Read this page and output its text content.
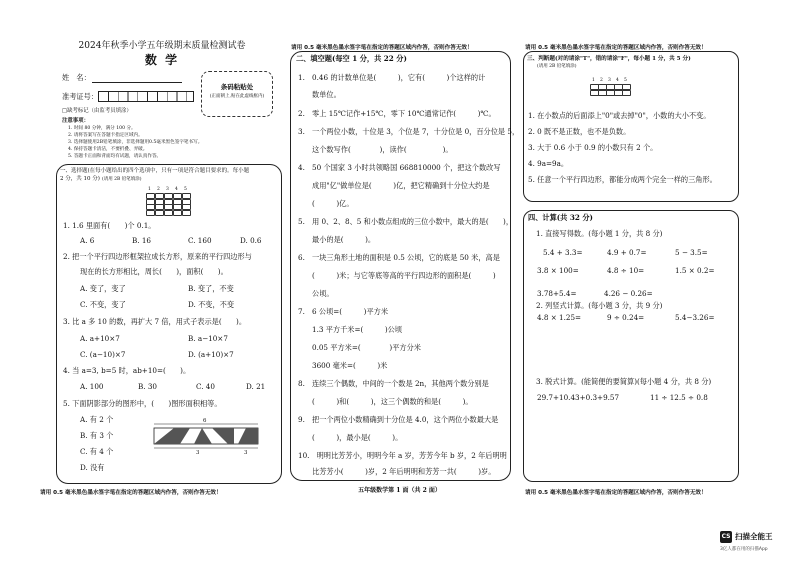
2024年秋季小学五年级期末质量检测试卷
数 学
姓　名：
准考证号：
条码粘贴处
(正面朝上,贴在此虚线框内)
□缺考标记（由监考员填涂）
注意事项：
1. 时间 80 分钟，满分 100 分。
2. 请将答案写在答题卡指定区域内。
3. 选择题使用2B铅笔填涂，非选择题用0.5毫米黑色签字笔书写。
4. 保持答题卡清洁，不要折叠、弄破。
5. 答题卡正面和背面均有试题，请认真作答。
一、选择题(在每小题给出的四个选项中，只有一项是符合题目要求的。每小题
2 分，共 10 分) (请用 2B 铅笔填涂)
1 2 3 4 5
1. 1.6 里面有(　　)个 0.1。
A. 6	B. 16	C. 160	D. 0.6
2. 把一个平行四边形框架拉成长方形，原来的平行四边形与
现在的长方形相比，周长(　　)，面积(　　)。
A. 变了，变了	B. 变了，不变
C. 不变，变了	D. 不变，不变
3. 比 a 多 10 的数，再扩大 7 倍，用式子表示是(　　)。
A. a+10×7	B. a−10×7
C. (a−10)×7	D. (a+10)×7
4. 当 a=3, b=5 时，ab+10=(　　)。
A. 100	B. 30	C. 40	D. 21
5. 下面阴影部分的图形中，(　　)图形面积相等。
A. 有 2 个
B. 有 3 个
C. 有 4 个
D. 没有
6
3	3
请用 0.5 毫米黑色墨水签字笔在指定的答题区域内作答，否则作答无效！
请用 0.5 毫米黑色墨水签字笔在指定的答题区域内作答，否则作答无效！
二、填空题(每空 1 分，共 22 分)
1.　0.46 的计数单位是(　　　)，它有(　　　)个这样的计
数单位。
2.　零上 15℃记作+15℃，零下 10℃通常记作(　　　)℃。
3.　一个两位小数，十位是 3，个位是 7，十分位是 0，百分位是 5，
这个数写作(　　　　)，读作(　　　　　)。
4.　50 个国家 3 小时共领略国 668810000 个，把这个数改写
成用"亿"做单位是(　　　)亿，把它精确到十分位大约是
(　　　)亿。
5.　用 0、2、8、5 和小数点组成的三位小数中，最大的是(　　)，
最小的是(　　　)。
6.　一块三角形土地的面积是 0.5 公顷，它的底是 50 米，高是
(　　　)米；与它等底等高的平行四边形的面积是(　　　)
公顷。
7.　6 公顷=(　　　)平方米
1.3 平方千米=(　　　)公顷
0.05 平方米=(　　　　)平方分米
3600 毫米=(　　　)米
8.　连续三个偶数，中间的一个数是 2n，其他两个数分别是
(　　　)和(　　　)，这三个偶数的和是(　　　)。
9.　把一个两位小数精确到十分位是 4.0，这个两位小数最大是
(　　　)，最小是(　　　)。
10.　明明比芳芳小，明明今年 a 岁，芳芳今年 b 岁，2 年后明明
比芳芳小(　　　)岁，2 年后明明和芳芳一共(　　　)岁。
五年级数学第 1 面（共 2 面）
请用 0.5 毫米黑色墨水签字笔在指定的答题区域内作答，否则作答无效！
三、判断题(对的请涂"T"，错的请涂"F"，每小题 1 分，共 5 分)
(请用 2B 铅笔填涂)
1 2 3 4 5
1. 在小数点的后面添上"0"或去掉"0"，小数的大小不变。
2. 0 既不是正数，也不是负数。
3. 大于 0.6 小于 0.9 的小数只有 2 个。
4. 9a=9a。
5. 任意一个平行四边形，都能分成两个完全一样的三角形。
四、计算(共 32 分)
1. 直接写得数。(每小题 1 分，共 8 分)
5.4 + 3.3=	4.9 + 0.7=	5 − 3.5=
3.8 × 100=	4.8 ÷ 10=	1.5 × 0.2=
3.78+5.4=	4.26 − 0.26=
2. 列竖式计算。(每小题 3 分，共 9 分)
4.8 × 1.25=	9 ÷ 0.24=	5.4−3.26=
3. 脱式计算。(能简便的要简算)(每小题 4 分，共 8 分)
29.7+10.43+0.3+9.57	11 ÷ 12.5 ÷ 0.8
请用 0.5 毫米黑色墨水签字笔在指定的答题区域内作答，否则作答无效！
CS 扫描全能王
3亿人都在用的扫描App
